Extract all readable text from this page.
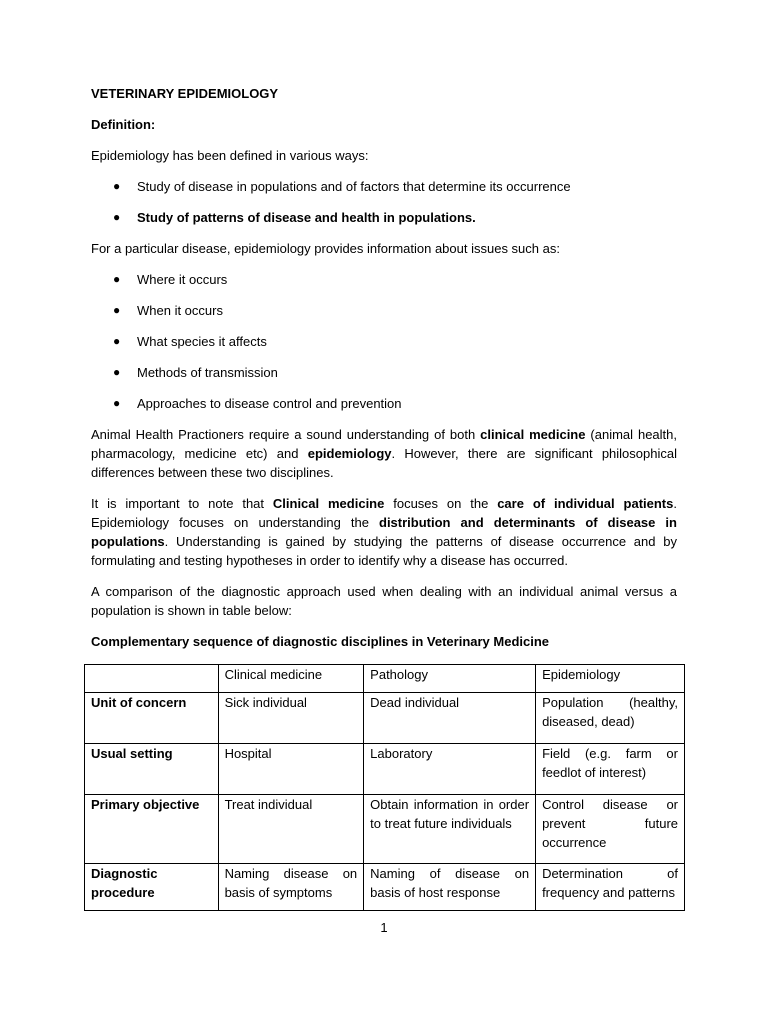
VETERINARY EPIDEMIOLOGY

Definition:

Epidemiology has been defined in various ways:

● Study of disease in populations and of factors that determine its occurrence
● Study of patterns of disease and health in populations.

For a particular disease, epidemiology provides information about issues such as:

● Where it occurs
● When it occurs
● What species it affects
● Methods of transmission
● Approaches to disease control and prevention

Animal Health Practioners require a sound understanding of both clinical medicine (animal health, pharmacology, medicine etc) and epidemiology. However, there are significant philosophical differences between these two disciplines.

It is important to note that Clinical medicine focuses on the care of individual patients. Epidemiology focuses on understanding the distribution and determinants of disease in populations. Understanding is gained by studying the patterns of disease occurrence and by formulating and testing hypotheses in order to identify why a disease has occurred.

A comparison of the diagnostic approach used when dealing with an individual animal versus a population is shown in table below:

Complementary sequence of diagnostic disciplines in Veterinary Medicine

	Clinical medicine	Pathology	Epidemiology
Unit of concern	Sick individual	Dead individual	Population (healthy, diseased, dead)
Usual setting	Hospital	Laboratory	Field (e.g. farm or feedlot of interest)
Primary objective	Treat individual	Obtain information in order to treat future individuals	Control disease or prevent future occurrence
Diagnostic procedure	Naming disease on basis of symptoms	Naming of disease on basis of host response	Determination of frequency and patterns
1
